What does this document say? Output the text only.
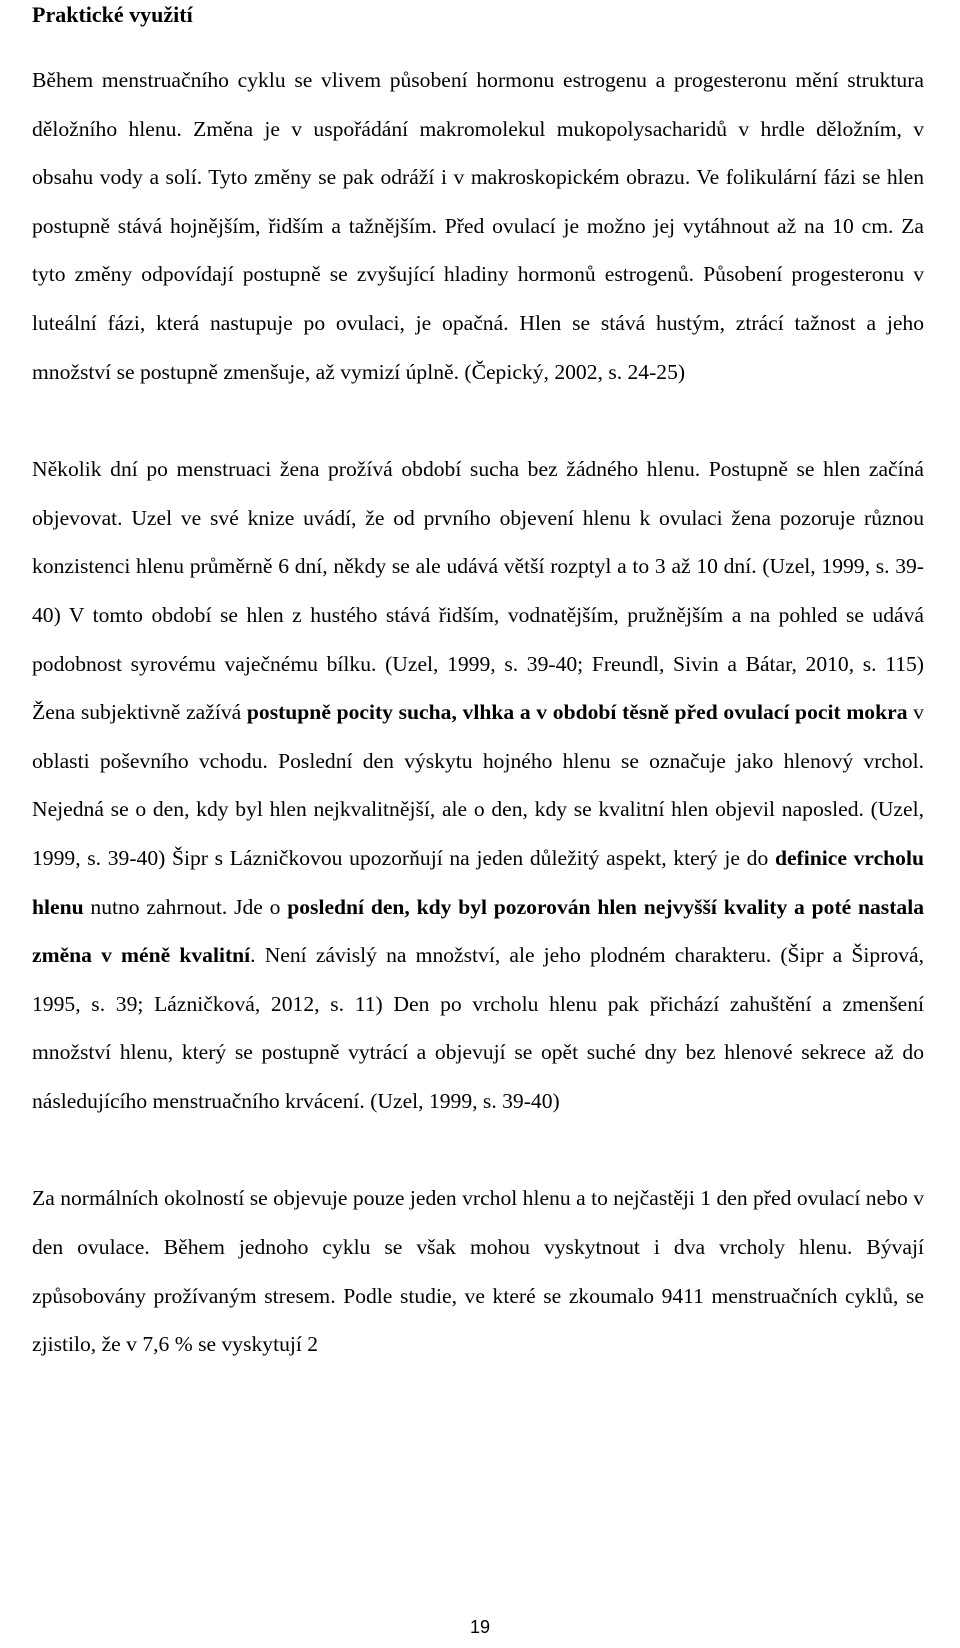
Praktické využití

Během menstruačního cyklu se vlivem působení hormonu estrogenu a progesteronu mění struktura děložního hlenu. Změna je v uspořádání makromolekul mukopolysacharidů v hrdle děložním, v obsahu vody a solí. Tyto změny se pak odráží i v makroskopickém obrazu. Ve folikulární fázi se hlen postupně stává hojnějším, řidším a tažnějším. Před ovulací je možno jej vytáhnout až na 10 cm. Za tyto změny odpovídají postupně se zvyšující hladiny hormonů estrogenů. Působení progesteronu v luteální fázi, která nastupuje po ovulaci, je opačná. Hlen se stává hustým, ztrácí tažnost a jeho množství se postupně zmenšuje, až vymizí úplně. (Čepický, 2002, s. 24-25)

Několik dní po menstruaci žena prožívá období sucha bez žádného hlenu. Postupně se hlen začíná objevovat. Uzel ve své knize uvádí, že od prvního objevení hlenu k ovulaci žena pozoruje různou konzistenci hlenu průměrně 6 dní, někdy se ale udává větší rozptyl a to 3 až 10 dní. (Uzel, 1999, s. 39-40) V tomto období se hlen z hustého stává řidším, vodnatějším, pružnějším a na pohled se udává podobnost syrovému vaječnému bílku. (Uzel, 1999, s. 39-40; Freundl, Sivin a Bátar, 2010, s. 115) Žena subjektivně zažívá postupně pocity sucha, vlhka a v období těsně před ovulací pocit mokra v oblasti poševního vchodu. Poslední den výskytu hojného hlenu se označuje jako hlenový vrchol. Nejedná se o den, kdy byl hlen nejkvalitnější, ale o den, kdy se kvalitní hlen objevil naposled. (Uzel, 1999, s. 39-40) Šipr s Lázničkovou upozorňují na jeden důležitý aspekt, který je do definice vrcholu hlenu nutno zahrnout. Jde o poslední den, kdy byl pozorován hlen nejvyšší kvality a poté nastala změna v méně kvalitní. Není závislý na množství, ale jeho plodném charakteru. (Šipr a Šiprová, 1995, s. 39; Lázničková, 2012, s. 11) Den po vrcholu hlenu pak přichází zahuštění a zmenšení množství hlenu, který se postupně vytrácí a objevují se opět suché dny bez hlenové sekrece až do následujícího menstruačního krvácení. (Uzel, 1999, s. 39-40)

Za normálních okolností se objevuje pouze jeden vrchol hlenu a to nejčastěji 1 den před ovulací nebo v den ovulace. Během jednoho cyklu se však mohou vyskytnout i dva vrcholy hlenu. Bývají způsobovány prožívaným stresem. Podle studie, ve které se zkoumalo 9411 menstruačních cyklů, se zjistilo, že v 7,6 % se vyskytují 2

19
